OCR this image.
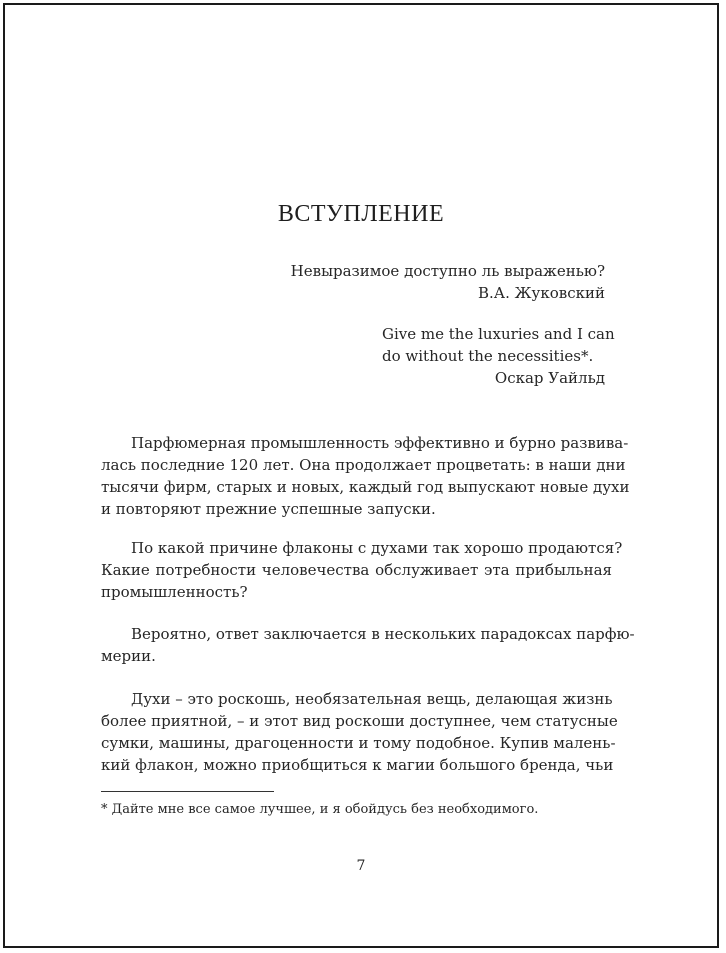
ВСТУПЛЕНИЕ
Невыразимое доступно ль выраженью?
В.А. Жуковский
Give me the luxuries and I can
do without the necessities*.
Оскар Уайльд
Парфюмерная промышленность эффективно и бурно развива-
лась последние 120 лет. Она продолжает процветать: в наши дни
тысячи фирм, старых и новых, каждый год выпускают новые духи
и повторяют прежние успешные запуски.
По какой причине флаконы с духами так хорошо продаются?
Какие потребности человечества обслуживает эта прибыльная
промышленность?
Вероятно, ответ заключается в нескольких парадоксах парфю-
мерии.
Духи – это роскошь, необязательная вещь, делающая жизнь
более приятной, – и этот вид роскоши доступнее, чем статусные
сумки, машины, драгоценности и тому подобное. Купив малень-
кий флакон, можно приобщиться к магии большого бренда, чьи
* Дайте мне все самое лучшее, и я обойдусь без необходимого.
7
